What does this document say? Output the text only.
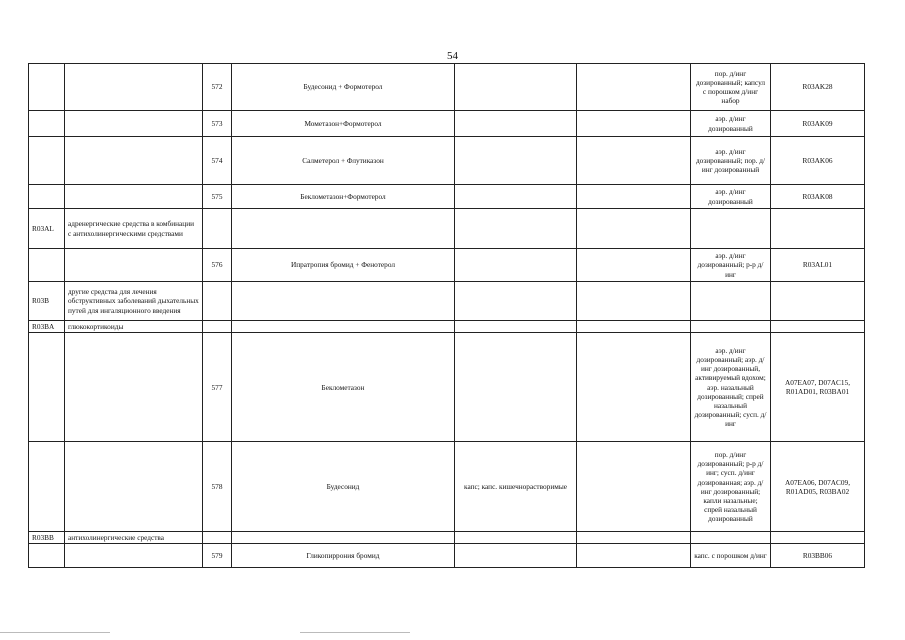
54
		572	Будесонид + Формотерол			пор. д/инг дозированный; капсул с порошком д/инг набор	R03AK28
		573	Мометазон+Формотерол			аэр. д/инг дозированный	R03AK09
		574	Салметерол + Флутиказон			аэр. д/инг дозированный; пор. д/инг дозированный	R03AK06
		575	Беклометазон+Формотерол			аэр. д/инг дозированный	R03AK08
R03AL	адренергические средства в комбинации с антихолинергическими средствами						
		576	Ипратропия бромид + Фенотерол			аэр. д/инг дозированный; р-р д/инг	R03AL01
R03B	другие средства для лечения обструктивных заболеваний дыхательных путей для ингаляционного введения						
R03BA	глюкокортикоиды						
		577	Беклометазон			аэр. д/инг дозированный; аэр. д/инг дозированный, активируемый вдохом; аэр. назальный дозированный; спрей назальный дозированный; сусп. д/инг	A07EA07, D07AC15, R01AD01, R03BA01
		578	Будесонид	капс; капс. кишечнорастворимые		пор. д/инг дозированный; р-р д/инг; сусп. д/инг дозированная; аэр. д/инг дозированный; капли назальные; спрей назальный дозированный	A07EA06, D07AC09, R01AD05, R03BA02
R03BB	антихолинергические средства						
		579	Гликопиррония бромид			капс. с порошком д/инг	R03BB06
